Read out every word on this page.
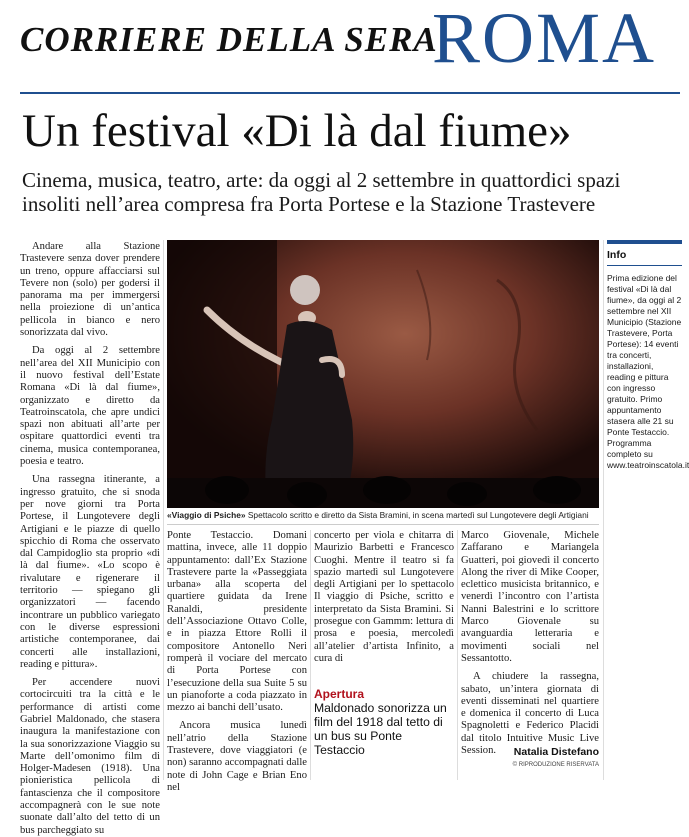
CORRIERE DELLA SERA
ROMA
Un festival «Di là dal fiume»
Cinema, musica, teatro, arte: da oggi al 2 settembre in quattordici spazi insoliti nell’area compresa fra Porta Portese e la Stazione Trastevere

Andare alla Stazione Trastevere senza dover prendere un treno, oppure affacciarsi sul Tevere non (solo) per godersi il panorama ma per immergersi nella proiezione di un’antica pellicola in bianco e nero sonorizzata dal vivo.

Da oggi al 2 settembre nell’area del XII Municipio con il nuovo festival dell’Estate Romana «Di là dal fiume», organizzato e diretto da Teatroinscatola, che apre undici spazi non abituati all’arte per ospitare quattordici eventi tra cinema, musica contemporanea, poesia e teatro.

Una rassegna itinerante, a ingresso gratuito, che si snoda per nove giorni tra Porta Portese, il Lungotevere degli Artigiani e le piazze di quello spicchio di Roma che osservato dal Campidoglio sta proprio «di là dal fiume». «Lo scopo è rivalutare e rigenerare il territorio — spiegano gli organizzatori — facendo incontrare un pubblico variegato con le diverse espressioni artistiche contemporanee, dai concerti alle installazioni, reading e pittura».

Per accendere nuovi cortocircuiti tra la città e le performance di artisti come Gabriel Maldonado, che stasera inaugura la manifestazione con la sua sonorizzazione Viaggio su Marte dell’omonimo film di Holger-Madesen (1918). Una pionieristica pellicola di fantascienza che il compositore accompagnerà con le sue note suonate dall’alto del tetto di un bus parcheggiato su

«Viaggio di Psiche» Spettacolo scritto e diretto da Sista Bramini, in scena martedì sul Lungotevere degli Artigiani

Ponte Testaccio. Domani mattina, invece, alle 11 doppio appuntamento: dall’Ex Stazione Trastevere parte la «Passeggiata urbana» alla scoperta del quartiere guidata da Irene Ranaldi, presidente dell’Associazione Ottavo Colle, e in piazza Ettore Rolli il compositore Antonello Neri romperà il vociare del mercato di Porta Portese con l’esecuzione della sua Suite 5 su un pianoforte a coda piazzato in mezzo ai banchi dell’usato.

Ancora musica lunedì nell’atrio della Stazione Trastevere, dove viaggiatori (e non) saranno accompagnati dalle note di John Cage e Brian Eno nel

concerto per viola e chitarra di Maurizio Barbetti e Francesco Cuoghi. Mentre il teatro si fa spazio martedì sul Lungotevere degli Artigiani per lo spettacolo Il viaggio di Psiche, scritto e interpretato da Sista Bramini. Si prosegue con Gammm: lettura di prosa e poesia, mercoledì all’atelier d’artista Infinito, a cura di

Apertura
Maldonado sonorizza un film del 1918 dal tetto di un bus su Ponte Testaccio

Marco Giovenale, Michele Zaffarano e Mariangela Guatteri, poi giovedì il concerto Along the river di Mike Cooper, eclettico musicista britannico, e venerdì l’incontro con l’artista Nanni Balestrini e lo scrittore Marco Giovenale su avanguardia letteraria e movimenti sociali nel Sessantotto.

A chiudere la rassegna, sabato, un’intera giornata di eventi disseminati nel quartiere e domenica il concerto di Luca Spagnoletti e Federico Placidi dal titolo Intuitive Music Live Session.	Natalia Distefano
© RIPRODUZIONE RISERVATA
Info
Prima edizione del festival «Di là dal fiume», da oggi al 2 settembre nel XII Municipio (Stazione Trastevere, Porta Portese): 14 eventi tra concerti, installazioni, reading e pittura con ingresso gratuito. Primo appuntamento stasera alle 21 su Ponte Testaccio. Programma completo su www.teatroinscatola.it
